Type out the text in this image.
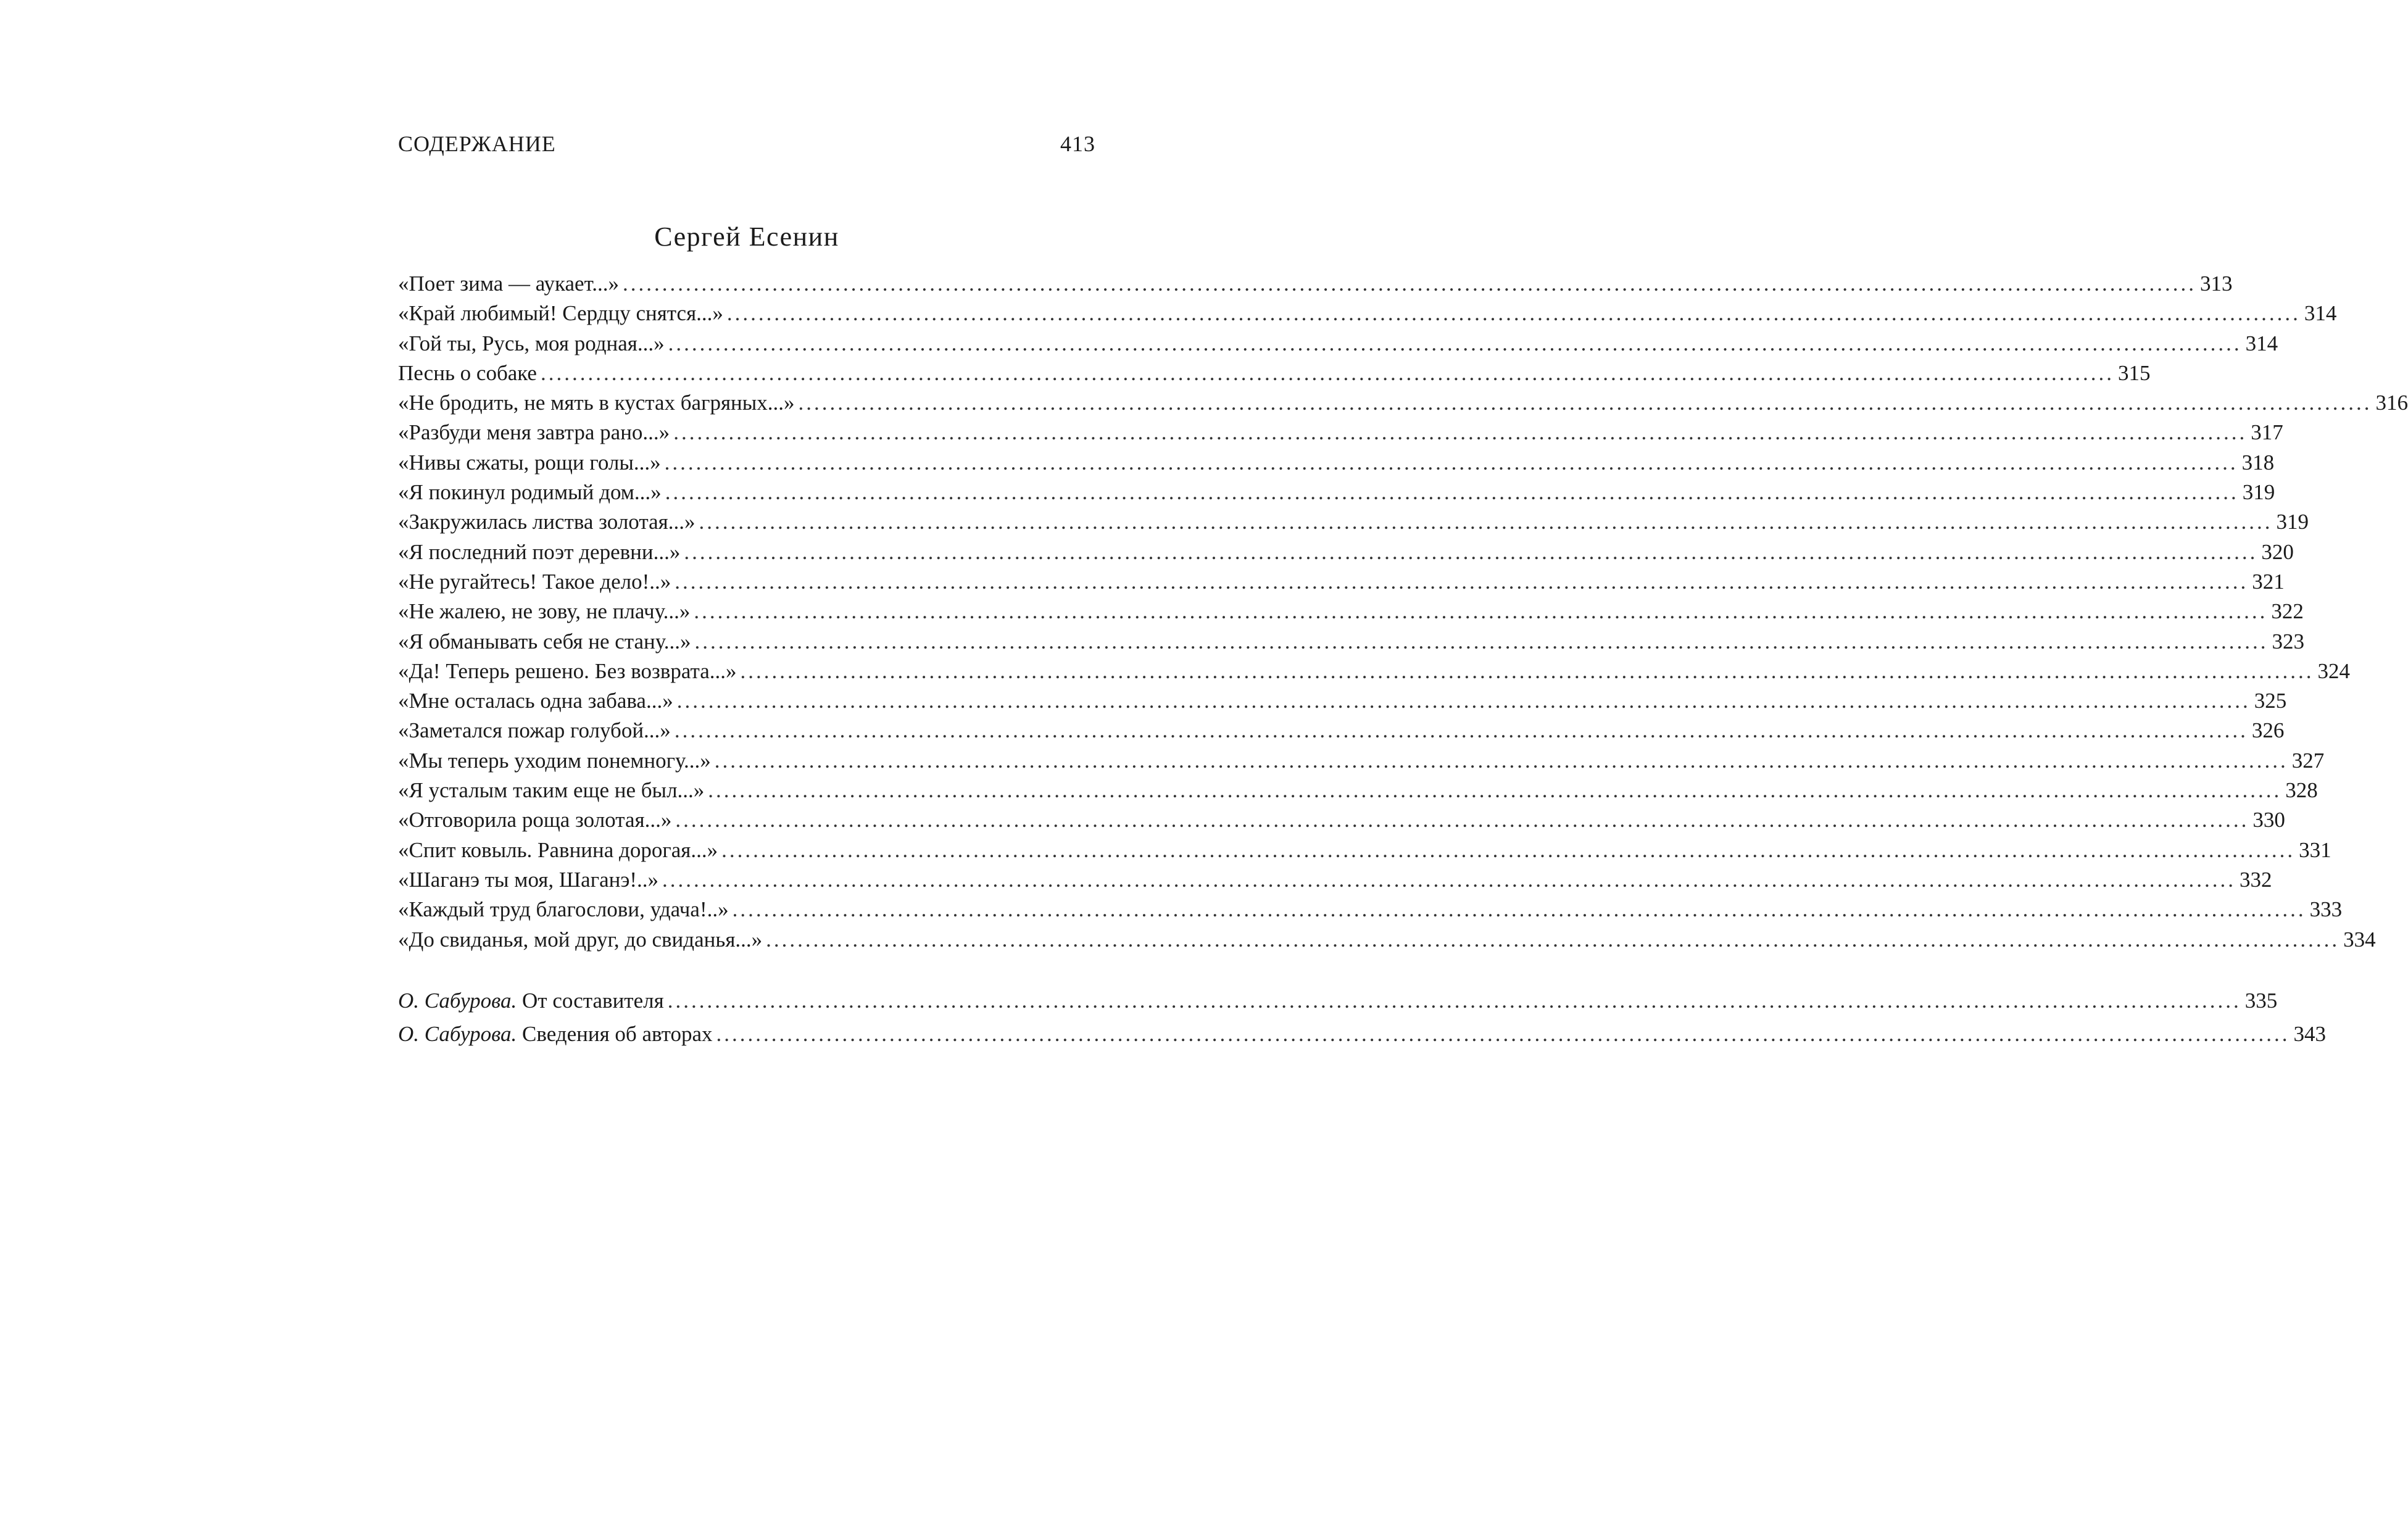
СОДЕРЖАНИЕ	413
Сергей Есенин
«Поет зима — аукает...» ........................................................................................................................................................................................................ 313
«Край любимый! Сердцу снятся...» ........................................................................................................................................................................................................ 314
«Гой ты, Русь, моя родная...» ........................................................................................................................................................................................................ 314
Песнь о собаке ........................................................................................................................................................................................................ 315
«Не бродить, не мять в кустах багряных...» ........................................................................................................................................................................................................ 316
«Разбуди меня завтра рано...» ........................................................................................................................................................................................................ 317
«Нивы сжаты, рощи голы...» ........................................................................................................................................................................................................ 318
«Я покинул родимый дом...» ........................................................................................................................................................................................................ 319
«Закружилась листва золотая...» ........................................................................................................................................................................................................ 319
«Я последний поэт деревни...» ........................................................................................................................................................................................................ 320
«Не ругайтесь! Такое дело!..» ........................................................................................................................................................................................................ 321
«Не жалею, не зову, не плачу...» ........................................................................................................................................................................................................ 322
«Я обманывать себя не стану...» ........................................................................................................................................................................................................ 323
«Да! Теперь решено. Без возврата...» ........................................................................................................................................................................................................ 324
«Мне осталась одна забава...» ........................................................................................................................................................................................................ 325
«Заметался пожар голубой...» ........................................................................................................................................................................................................ 326
«Мы теперь уходим понемногу...» ........................................................................................................................................................................................................ 327
«Я усталым таким еще не был...» ........................................................................................................................................................................................................ 328
«Отговорила роща золотая...» ........................................................................................................................................................................................................ 330
«Спит ковыль. Равнина дорогая...» ........................................................................................................................................................................................................ 331
«Шаганэ ты моя, Шаганэ!..» ........................................................................................................................................................................................................ 332
«Каждый труд благослови, удача!..» ........................................................................................................................................................................................................ 333
«До свиданья, мой друг, до свиданья...» ........................................................................................................................................................................................................ 334
О. Сабурова. От составителя ........................................................................................................................................................................................................ 335
О. Сабурова. Сведения об авторах ........................................................................................................................................................................................................ 343
